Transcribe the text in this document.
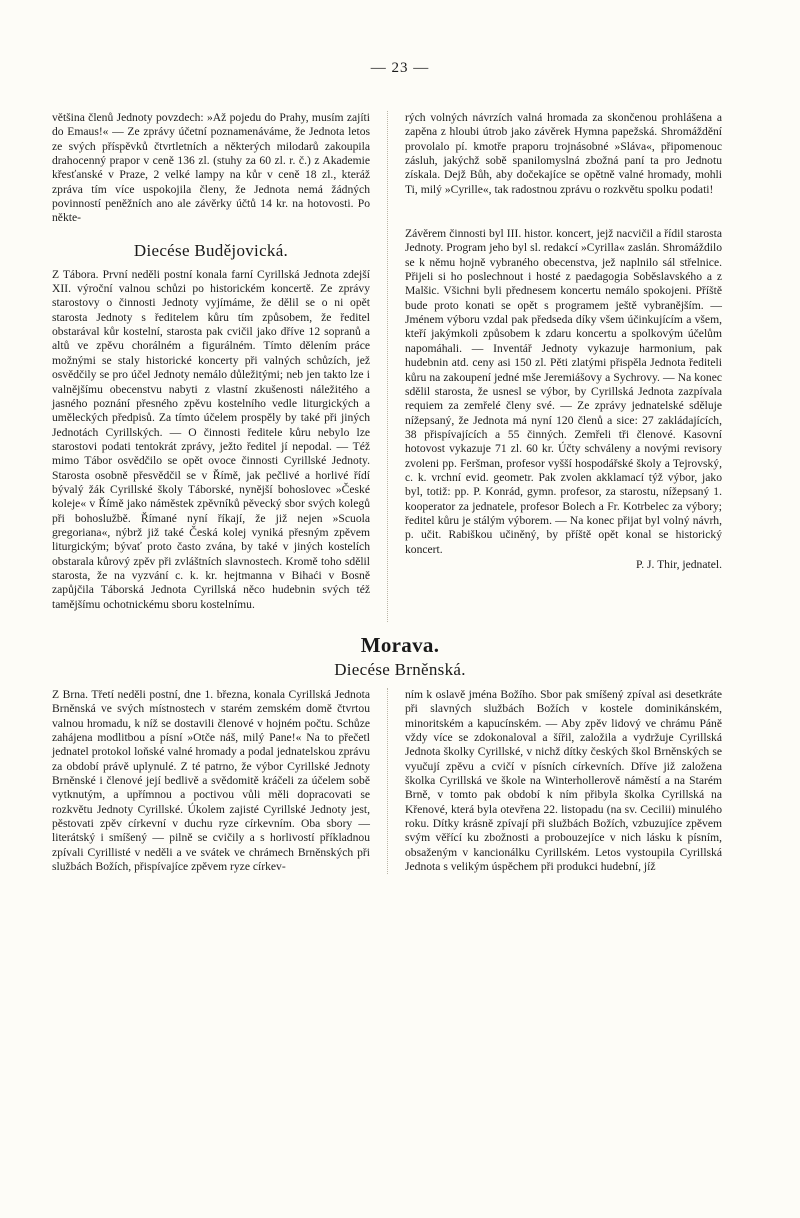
— 23 —

většina členů Jednoty povzdech: »Až pojedu do Prahy, musím zajíti do Emaus!« — Ze zprávy účetní poznamenáváme, že Jednota letos ze svých příspěvků čtvrtletních a některých milodarů zakoupila drahocenný prapor v ceně 136 zl. (stuhy za 60 zl. r. č.) z Akademie křesťanské v Praze, 2 velké lampy na kůr v ceně 18 zl., kteráž zpráva tím více uspokojila členy, že Jednota nemá žádných povinností peněžních ano ale závěrky účtů 14 kr. na hotovosti. Po někte-

Diecése Budějovická.

Z Tábora. První neděli postní konala farní Cyrillská Jednota zdejší XII. výroční valnou schůzi po historickém koncertě. Ze zprávy starostovy o činnosti Jednoty vyjímáme, že dělil se o ni opět starosta Jednoty s ředitelem kůru tím způsobem, že ředitel obstarával kůr kostelní, starosta pak cvičil jako dříve 12 sopranů a altů ve zpěvu chorálném a figurálném. Tímto dělením práce možnými se staly historické koncerty při valných schůzích, jež osvědčily se pro účel Jednoty nemálo důležitými; neb jen takto lze i valnějšímu obecenstvu nabyti z vlastní zkušenosti náležitého a jasného poznání přesného zpěvu kostelního vedle liturgických a uměleckých předpisů. Za tímto účelem prospěly by také při jiných Jednotách Cyrillských. — O činnosti ředitele kůru nebylo lze starostovi podati tentokrát zprávy, ježto ředitel jí nepodal. — Též mimo Tábor osvědčilo se opět ovoce činnosti Cyrillské Jednoty. Starosta osobně přesvědčil se v Římě, jak pečlivé a horlivé řídí bývalý žák Cyrillské školy Táborské, nynější bohoslovec »České koleje« v Římě jako náměstek zpěvníků pěvecký sbor svých kolegů při bohoslužbě. Římané nyní říkají, že již nejen »Scuola gregoriana«, nýbrž již také Česká kolej vyniká přesným zpěvem liturgickým; bývať proto často zvána, by také v jiných kostelích obstarala kůrový zpěv při zvláštních slavnostech. Kromě toho sdělil starosta, že na vyzvání c. k. kr. hejtmanna v Bihaći v Bosně zapůjčila Táborská Jednota Cyrillská něco hudebnin svých též tamějšímu ochotnickému sboru kostelnímu.

rých volných návrzích valná hromada za skončenou prohlášena a zapěna z hloubi útrob jako závěrek Hymna papežská. Shromáždění provolalo pí. kmotře praporu trojnásobné »Sláva«, připomenouc zásluh, jakýchž sobě spanilomyslná zbožná paní ta pro Jednotu získala. Dejž Bůh, aby dočekajíce se opětně valné hromady, mohli Ti, milý »Cyrille«, tak radostnou zprávu o rozkvětu spolku podati!

Závěrem činnosti byl III. histor. koncert, jejž nacvičil a řídil starosta Jednoty. Program jeho byl sl. redakcí »Cyrilla« zaslán. Shromáždilo se k němu hojně vybraného obecenstva, jež naplnilo sál střelnice. Přijeli si ho poslechnout i hosté z paedagogia Soběslavského a z Malšic. Všichni byli přednesem koncertu nemálo spokojeni. Příště bude proto konati se opět s programem ještě vybranějším. — Jménem výboru vzdal pak předseda díky všem účinkujícím a všem, kteří jakýmkoli způsobem k zdaru koncertu a spolkovým účelům napomáhali. — Inventář Jednoty vykazuje harmonium, pak hudebnin atd. ceny asi 150 zl. Pěti zlatými přispěla Jednota řediteli kůru na zakoupení jedné mše Jeremiášovy a Sychrovy. — Na konec sdělil starosta, že usnesl se výbor, by Cyrillská Jednota zazpívala requiem za zemřelé členy své. — Ze zprávy jednatelské sděluje nížepsaný, že Jednota má nyní 120 členů a sice: 27 zakládajících, 38 přispívajících a 55 činných. Zemřeli tři členové. Kasovní hotovost vykazuje 71 zl. 60 kr. Účty schváleny a novými revisory zvoleni pp. Feršman, profesor vyšší hospodářské školy a Tejrovský, c. k. vrchní evid. geometr. Pak zvolen akklamací týž výbor, jako byl, totiž: pp. P. Konrád, gymn. profesor, za starostu, nížepsaný 1. kooperator za jednatele, profesor Bolech a Fr. Kotrbelec za výbory; ředitel kůru je stálým výborem. — Na konec přijat byl volný návrh, p. učit. Rabiškou učiněný, by příště opět konal se historický koncert.

P. J. Thir, jednatel.
Morava.
Diecése Brněnská.

Z Brna. Třetí neděli postní, dne 1. března, konala Cyrillská Jednota Brněnská ve svých místnostech v starém zemském domě čtvrtou valnou hromadu, k níž se dostavili členové v hojném počtu. Schůze zahájena modlitbou a písní »Otče náš, milý Pane!« Na to přečetl jednatel protokol loňské valné hromady a podal jednatelskou zprávu za období právě uplynulé. Z té patrno, že výbor Cyrillské Jednoty Brněnské i členové její bedlivě a svědomitě kráčeli za účelem sobě vytknutým, a upřímnou a poctivou vůli měli dopracovati se rozkvětu Jednoty Cyrillské. Úkolem zajisté Cyrillské Jednoty jest, pěstovati zpěv církevní v duchu ryze církevním. Oba sbory — literátský i smíšený — pilně se cvičily a s horlivostí příkladnou zpívali Cyrillisté v neděli a ve svátek ve chrámech Brněnských při službách Božích, přispívajíce zpěvem ryze církev-

ním k oslavě jména Božího. Sbor pak smíšený zpíval asi desetkráte při slavných službách Božích v kostele dominikánském, minoritském a kapucínském. — Aby zpěv lidový ve chrámu Páně vždy více se zdokonaloval a šířil, založila a vydržuje Cyrillská Jednota školky Cyrillské, v nichž dítky českých škol Brněnských se vyučují zpěvu a cvičí v písních církevních. Dříve již založena školka Cyrillská ve škole na Winterhollerově náměstí a na Starém Brně, v tomto pak období k ním přibyla školka Cyrillská na Křenové, která byla otevřena 22. listopadu (na sv. Cecilii) minulého roku. Dítky krásně zpívají při službách Božích, vzbuzujíce zpěvem svým věřící ku zbožnosti a probouzejíce v nich lásku k písním, obsaženým v kancionálku Cyrillském. Letos vystoupila Cyrillská Jednota s velikým úspěchem při produkci hudební, jíž
